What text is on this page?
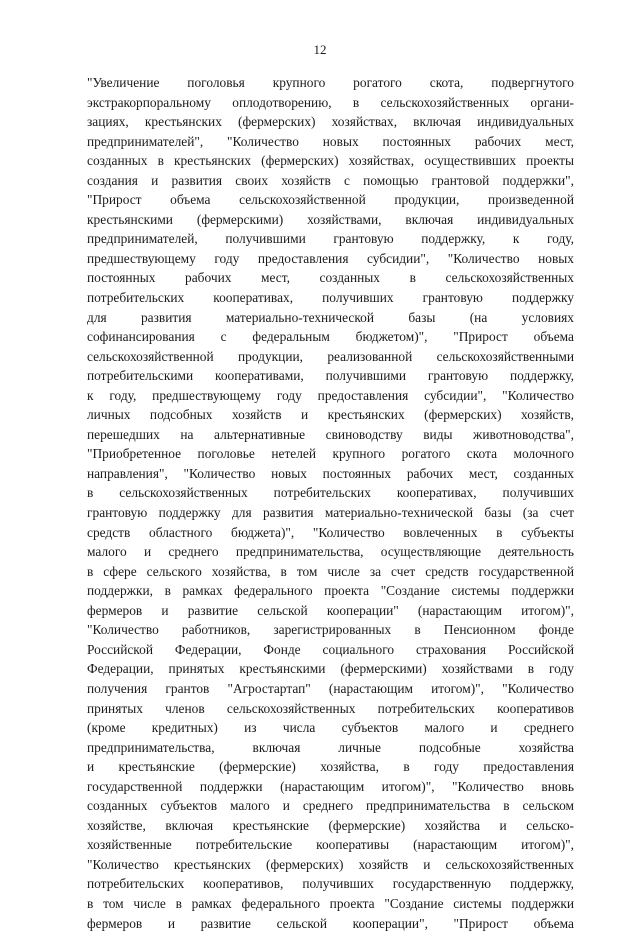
12
"Увеличение поголовья крупного рогатого скота, подвергнутого
экстракорпоральному оплодотворению, в сельскохозяйственных органи-
зациях, крестьянских (фермерских) хозяйствах, включая индивидуальных
предпринимателей", "Количество новых постоянных рабочих мест,
созданных в крестьянских (фермерских) хозяйствах, осуществивших проекты
создания и развития своих хозяйств с помощью грантовой поддержки",
"Прирост объема сельскохозяйственной продукции, произведенной
крестьянскими (фермерскими) хозяйствами, включая индивидуальных
предпринимателей, получившими грантовую поддержку, к году,
предшествующему году предоставления субсидии", "Количество новых
постоянных рабочих мест, созданных в сельскохозяйственных
потребительских кооперативах, получивших грантовую поддержку
для развития материально-технической базы (на условиях
софинансирования с федеральным бюджетом)", "Прирост объема
сельскохозяйственной продукции, реализованной сельскохозяйственными
потребительскими кооперативами, получившими грантовую поддержку,
к году, предшествующему году предоставления субсидии", "Количество
личных подсобных хозяйств и крестьянских (фермерских) хозяйств,
перешедших на альтернативные свиноводству виды животноводства",
"Приобретенное поголовье нетелей крупного рогатого скота молочного
направления", "Количество новых постоянных рабочих мест, созданных
в сельскохозяйственных потребительских кооперативах, получивших
грантовую поддержку для развития материально-технической базы (за счет
средств областного бюджета)", "Количество вовлеченных в субъекты
малого и среднего предпринимательства, осуществляющие деятельность
в сфере сельского хозяйства, в том числе за счет средств государственной
поддержки, в рамках федерального проекта "Создание системы поддержки
фермеров и развитие сельской кооперации" (нарастающим итогом)",
"Количество работников, зарегистрированных в Пенсионном фонде
Российской Федерации, Фонде социального страхования Российской
Федерации, принятых крестьянскими (фермерскими) хозяйствами в году
получения грантов "Агростартап" (нарастающим итогом)", "Количество
принятых членов сельскохозяйственных потребительских кооперативов
(кроме кредитных) из числа субъектов малого и среднего
предпринимательства, включая личные подсобные хозяйства
и крестьянские (фермерские) хозяйства, в году предоставления
государственной поддержки (нарастающим итогом)", "Количество вновь
созданных субъектов малого и среднего предпринимательства в сельском
хозяйстве, включая крестьянские (фермерские) хозяйства и сельско-
хозяйственные потребительские кооперативы (нарастающим итогом)",
"Количество крестьянских (фермерских) хозяйств и сельскохозяйственных
потребительских кооперативов, получивших государственную поддержку,
в том числе в рамках федерального проекта "Создание системы поддержки
фермеров и развитие сельской кооперации", "Прирост объема
